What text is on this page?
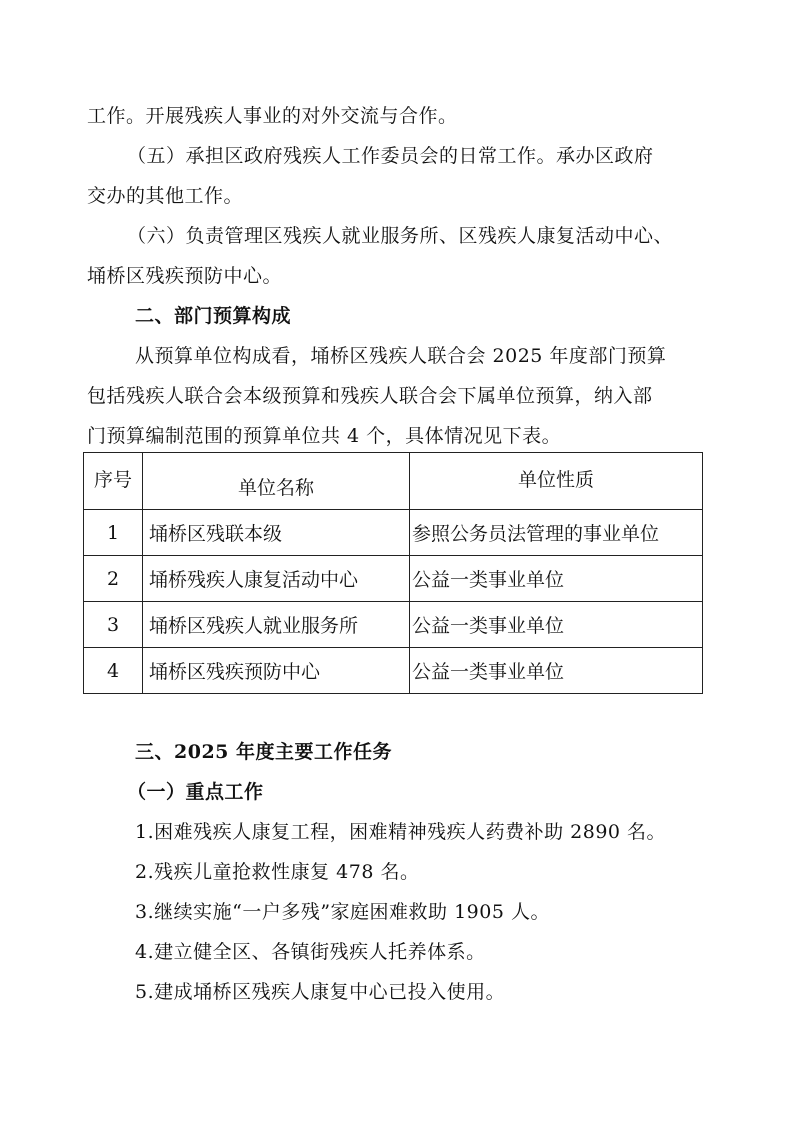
工作。开展残疾人事业的对外交流与合作。
（五）承担区政府残疾人工作委员会的日常工作。承办区政府
交办的其他工作。
（六）负责管理区残疾人就业服务所、区残疾人康复活动中心、
埇桥区残疾预防中心。
二、部门预算构成
从预算单位构成看，埇桥区残疾人联合会 2025 年度部门预算
包括残疾人联合会本级预算和残疾人联合会下属单位预算，纳入部
门预算编制范围的预算单位共 4 个，具体情况见下表。
序号	单位名称	单位性质

1	埇桥区残联本级	参照公务员法管理的事业单位
2	埇桥残疾人康复活动中心	公益一类事业单位
3	埇桥区残疾人就业服务所	公益一类事业单位
4	埇桥区残疾预防中心	公益一类事业单位
三、2025 年度主要工作任务
（一）重点工作
1.困难残疾人康复工程，困难精神残疾人药费补助 2890 名。
2.残疾儿童抢救性康复 478 名。
3.继续实施“一户多残”家庭困难救助 1905 人。
4.建立健全区、各镇街残疾人托养体系。
5.建成埇桥区残疾人康复中心已投入使用。
